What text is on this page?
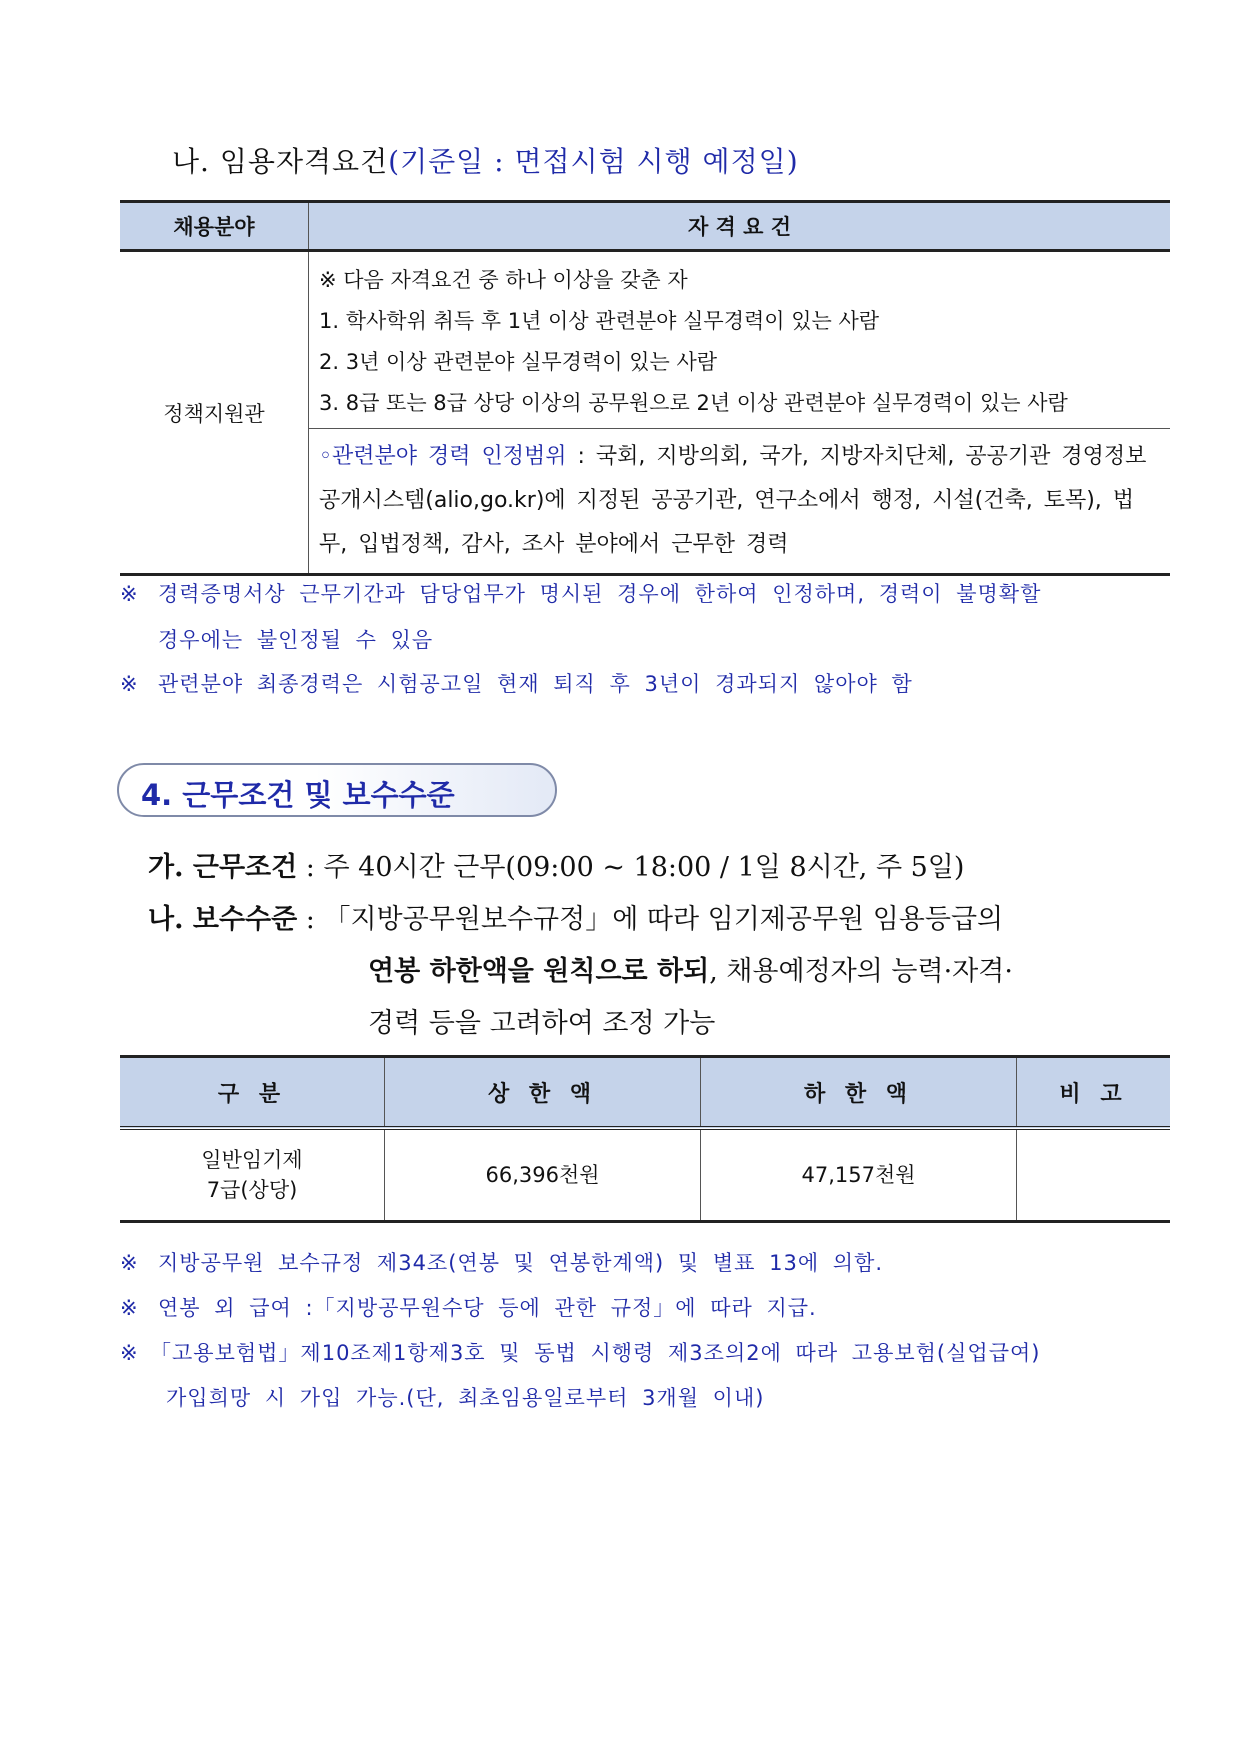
나. 임용자격요건(기준일 : 면접시험 시행 예정일)
채용분야	자 격 요 건
정책지원관	※ 다음 자격요건 중 하나 이상을 갖춘 자
1. 학사학위 취득 후 1년 이상 관련분야 실무경력이 있는 사람
2. 3년 이상 관련분야 실무경력이 있는 사람
3. 8급 또는 8급 상당 이상의 공무원으로 2년 이상 관련분야 실무경력이 있는 사람

	◦관련분야 경력 인정범위 : 국회, 지방의회, 국가, 지방자치단체, 공공기관 경영정보공개시스템(alio,go.kr)에 지정된 공공기관, 연구소에서 행정, 시설(건축, 토목), 법무, 입법정책, 감사, 조사 분야에서 근무한 경력
※ 경력증명서상 근무기간과 담당업무가 명시된 경우에 한하여 인정하며, 경력이 불명확할
경우에는 불인정될 수 있음
※ 관련분야 최종경력은 시험공고일 현재 퇴직 후 3년이 경과되지 않아야 함
4. 근무조건 및 보수수준
가. 근무조건 : 주 40시간 근무(09:00 ~ 18:00 / 1일 8시간, 주 5일)
나. 보수수준 : 「지방공무원보수규정」에 따라 임기제공무원 임용등급의
연봉 하한액을 원칙으로 하되, 채용예정자의 능력·자격·
경력 등을 고려하여 조정 가능
구 분	상 한 액	하 한 액	비 고

일반임기제
7급(상당)	66,396천원	47,157천원	
※ 지방공무원 보수규정 제34조(연봉 및 연봉한계액) 및 별표 13에 의함.
※ 연봉 외 급여 :「지방공무원수당 등에 관한 규정」에 따라 지급.
※ 「고용보험법」제10조제1항제3호 및 동법 시행령 제3조의2에 따라 고용보험(실업급여)
가입희망 시 가입 가능.(단, 최초임용일로부터 3개월 이내)
